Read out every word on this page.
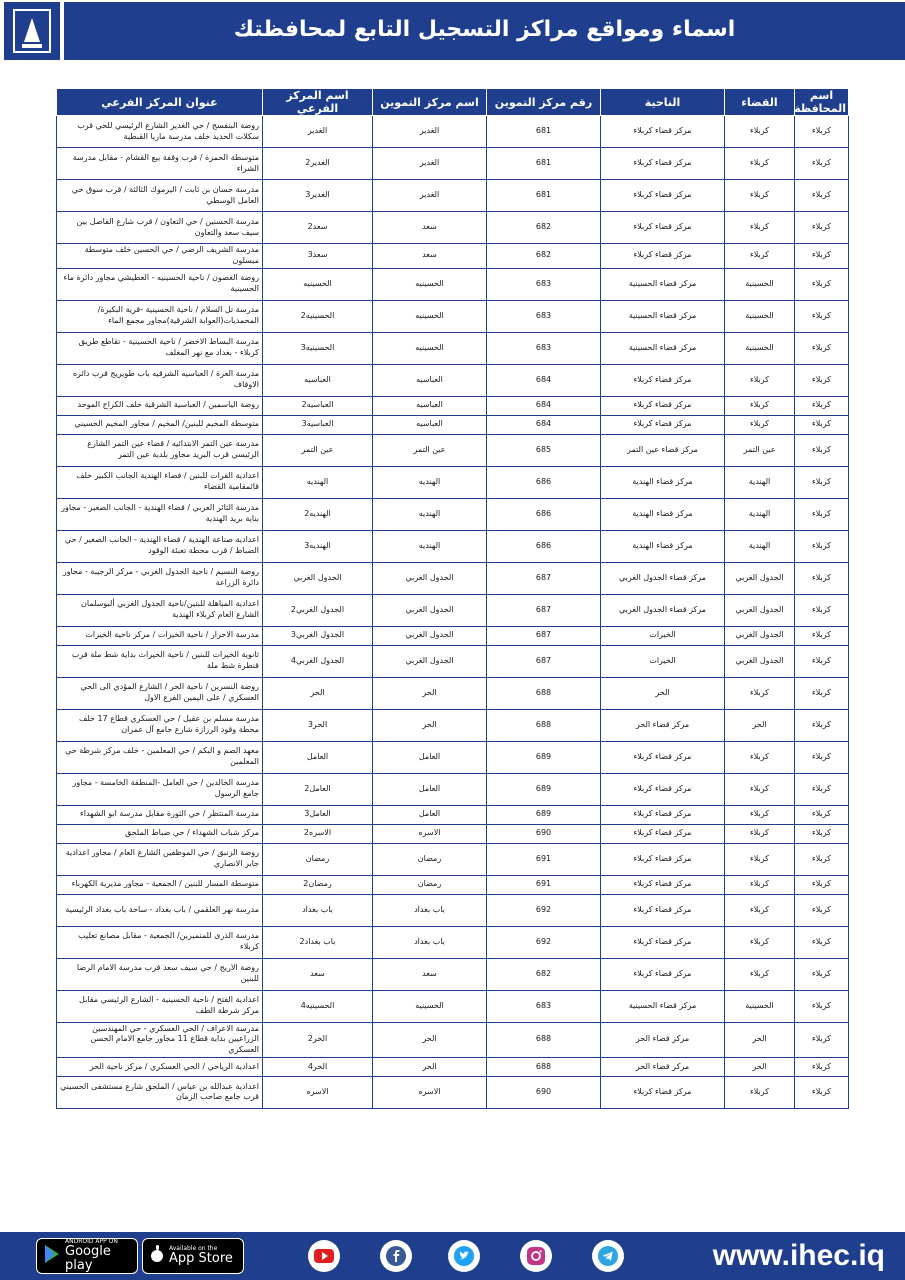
اسماء ومواقع مراكز التسجيل التابع لمحافظتك
اسم المحافظة	القضاء	الناحية	رقم مركز التموين	اسم مركز التموين	اسم المركز الفرعي	عنوان المركز الفرعي
كربلاء	كربلاء	مركز قضاء كربلاء	681	الغدير	الغدير	روضة البنفسج / حي الغدير الشارع الرئيسي للحي قرب سكلات الحديد خلف مدرسة ماريا القبطية
كربلاء	كربلاء	مركز قضاء كربلاء	681	الغدير	الغدير2	متوسطة الحمزة / قرب وقفة بيع القشام - مقابل مدرسة الشراء
كربلاء	كربلاء	مركز قضاء كربلاء	681	الغدير	الغدير3	مدرسة حسان بن ثابت / اليرموك الثالثة / قرب سوق حي العامل الوسطي
كربلاء	كربلاء	مركز قضاء كربلاء	682	سعد	سعد2	مدرسة الحسنين / حي التعاون / قرب شارع الفاصل بين سيف سعد والتعاون
كربلاء	كربلاء	مركز قضاء كربلاء	682	سعد	سعد3	مدرسة الشريف الرضي / حي الحسين خلف متوسطة ميسلون
كربلاء	الحسينية	مركز قضاء الحسينية	683	الحسينيه	الحسينيه	روضة الغصون / ناحية الحسينيه - العطيشي مجاور دائرة ماء الحسينية
كربلاء	الحسينية	مركز قضاء الحسينية	683	الحسينيه	الحسينيه2	مدرسة تل السلام / ناحية الحسينية -قرية البكيرة/ المحمديات(العوابة الشرقية)مجاور مجمع الماء
كربلاء	الحسينية	مركز قضاء الحسينية	683	الحسينيه	الحسينيه3	مدرسة البساط الاخضر / ناحية الحسينية - تقاطع طريق كربلاء - بغداد مع نهر المغلف
كربلاء	كربلاء	مركز قضاء كربلاء	684	العباسيه	العباسيه	مدرسة العزة / العباسيه الشرقيه باب طويريج قرب دائره الاوقاف
كربلاء	كربلاء	مركز قضاء كربلاء	684	العباسيه	العباسيه2	روضة الياسمين / العباسية الشرقية خلف الكراج الموحد
كربلاء	كربلاء	مركز قضاء كربلاء	684	العباسيه	العباسيه3	متوسطة المخيم للبنين/ المخيم / مجاور المخيم الحسيني
كربلاء	عين التمر	مركز قضاء عين التمر	685	عين التمر	عين التمر	مدرسة عين التمر الابتدائيه / قضاء عين التمر الشارع الرئيسي قرب البريد مجاور بلدية عين التمر
كربلاء	الهندية	مركز قضاء الهندية	686	الهنديه	الهنديه	اعدادية الفرات للبنين / قضاء الهندية الجانب الكبير خلف قائمقامية القضاء
كربلاء	الهندية	مركز قضاء الهندية	686	الهنديه	الهنديه2	مدرسة الثائر العربي / قضاء الهندية - الجانب الصغير - مجاور بناية بريد الهندية
كربلاء	الهندية	مركز قضاء الهندية	686	الهنديه	الهنديه3	اعدادية صناعة الهندية / قضاء الهندية - الجانب الصغير / حي الضباط / قرب محطة تعبئة الوقود
كربلاء	الجدول الغربي	مركز قضاء الجدول الغربي	687	الجدول الغربي	الجدول الغربي	روضة النسيم / ناحية الجدول الغربي - مركز الرجيبة - مجاور دائرة الزراعة
كربلاء	الجدول الغربي	مركز قضاء الجدول الغربي	687	الجدول الغربي	الجدول الغربي2	اعدادية المباهلة للبنين/ناحية الجدول الغربي ألبوسلمان الشارع العام كربلاء الهندية
كربلاء	الجدول الغربي	الخيرات	687	الجدول الغربي	الجدول الغربي3	مدرسة الاحرار / ناحية الخيرات / مركز ناحية الخيرات
كربلاء	الجدول الغربي	الخيرات	687	الجدول الغربي	الجدول الغربي4	ثانوية الخيرات للبنين / ناحية الخيرات بداية شط ملة قرب قنطرة شط ملة
كربلاء	كربلاء	الحر	688	الحر	الحر	روضة النسرين / ناحية الحر / الشارع المؤدي الى الحي العسكري / على اليمين الفرع الاول
كربلاء	الحر	مركز قضاء الحر	688	الحر	الحر3	مدرسة مسلم بن عقيل / حي العسكري قطاع 17 خلف محطة وقود الرزازة شارع جامع آل عمران
كربلاء	كربلاء	مركز قضاء كربلاء	689	العامل	العامل	معهد الصم و البكم / حي المعلمين - خلف مركز شرطة حي المعلمين
كربلاء	كربلاء	مركز قضاء كربلاء	689	العامل	العامل2	مدرسة الخالدين / حي العامل -المنطقة الخامسة - مجاور جامع الرسول
كربلاء	كربلاء	مركز قضاء كربلاء	689	العامل	العامل3	مدرسة المنتظر / حي الثورة مقابل مدرسة ابو الشهداء
كربلاء	كربلاء	مركز قضاء كربلاء	690	الاسره	الاسره2	مركز شباب الشهداء / حي ضباط الملحق
كربلاء	كربلاء	مركز قضاء كربلاء	691	رمضان	رمضان	روضة الزنبق / حي الموظفين الشارع العام / مجاور اعدادية جابر الانصاري
كربلاء	كربلاء	مركز قضاء كربلاء	691	رمضان	رمضان2	متوسطة المسار للبنين / الجمعية - مجاور مديرية الكهرباء
كربلاء	كربلاء	مركز قضاء كربلاء	692	باب بغداد	باب بغداد	مدرسة نهر العلقمي / باب بغداد - ساحة باب بغداد الرئيسية
كربلاء	كربلاء	مركز قضاء كربلاء	692	باب بغداد	باب بغداد2	مدرسة الذرى للمتميزين/ الجمعية - مقابل مصانع تعليب كربلاء
كربلاء	كربلاء	مركز قضاء كربلاء	682	سعد	سعد	روضة الاريج / حي سيف سعد قرب مدرسة الامام الرضا للبنين
كربلاء	الحسينية	مركز قضاء الحسينية	683	الحسينيه	الحسينيه4	اعدادية الفتح / ناحية الحسينية - الشارع الرئيسي مقابل مركز شرطة الطف
كربلاء	الحر	مركز قضاء الحر	688	الحر	الحر2	مدرسة الاعراف / الحي العسكري - حي المهندسين الزراعيين بداية قطاع 11 مجاور جامع الامام الحسن العسكري
كربلاء	الحر	مركز قضاء الحر	688	الحر	الحر4	اعدادية الرياحي / الحي العسكري / مركز ناحية الحر
كربلاء	كربلاء	مركز قضاء كربلاء	690	الاسره	الاسره	اعدادية عبدالله بن عباس / الملحق شارع مستشفى الحسيني قرب جامع صاحب الزمان
ANDROID APP ON
Google play
Available on the
App Store	www.ihec.iq
